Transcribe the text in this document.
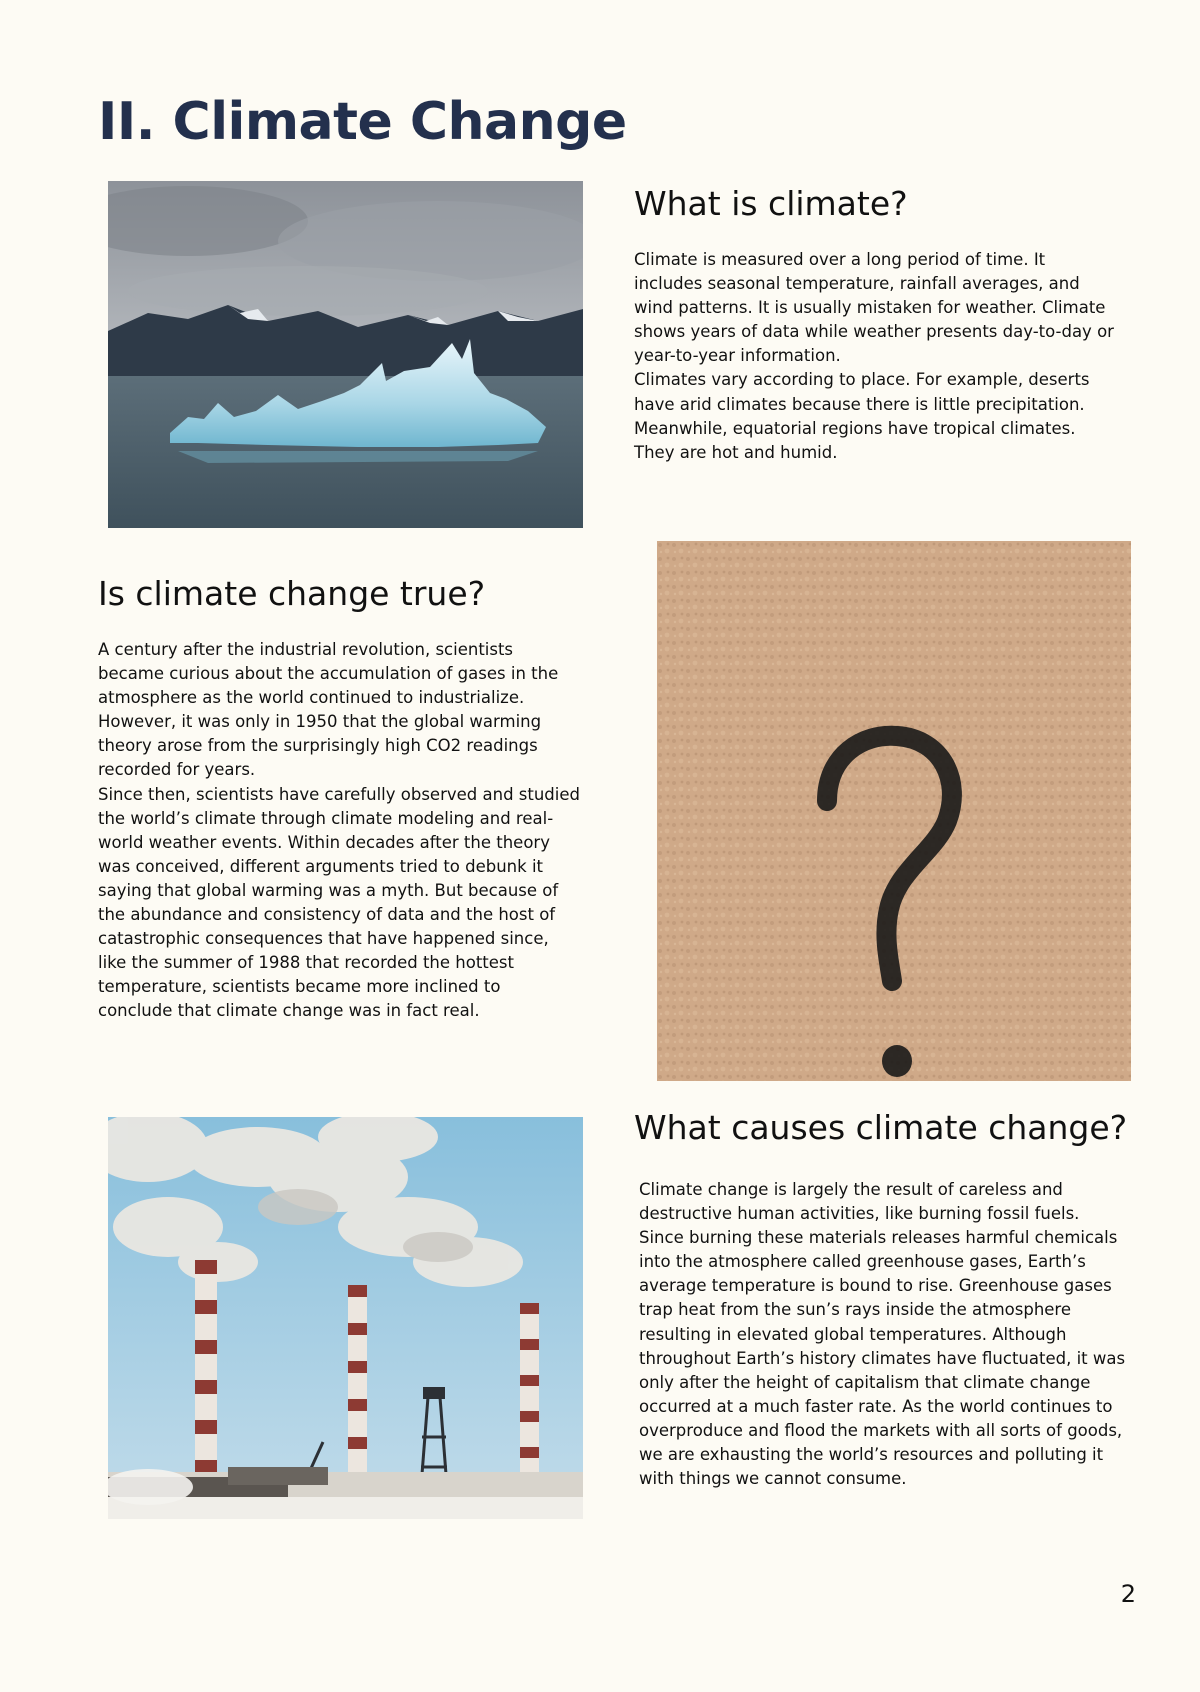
II. Climate Change
What is climate?

Climate is measured over a long period of time. It includes seasonal temperature, rainfall averages, and wind patterns. It is usually mistaken for weather. Climate shows years of data while weather presents day-to-day or year-to-year information.

Climates vary according to place. For example, deserts have arid climates because there is little precipitation. Meanwhile, equatorial regions have tropical climates. They are hot and humid.

Is climate change true?

A century after the industrial revolution, scientists became curious about the accumulation of gases in the atmosphere as the world continued to industrialize. However, it was only in 1950 that the global warming theory arose from the surprisingly high CO2 readings recorded for years.

Since then, scientists have carefully observed and studied the world’s climate through climate modeling and real-world weather events. Within decades after the theory was conceived, different arguments tried to debunk it saying that global warming was a myth. But because of the abundance and consistency of data and the host of catastrophic consequences that have happened since, like the summer of 1988 that recorded the hottest temperature, scientists became more inclined to conclude that climate change was in fact real.

What causes climate change?

Climate change is largely the result of careless and destructive human activities, like burning fossil fuels. Since burning these materials releases harmful chemicals into the atmosphere called greenhouse gases, Earth’s average temperature is bound to rise. Greenhouse gases trap heat from the sun’s rays inside the atmosphere resulting in elevated global temperatures. Although throughout Earth’s history climates have fluctuated, it was only after the height of capitalism that climate change occurred at a much faster rate. As the world continues to overproduce and flood the markets with all sorts of goods, we are exhausting the world’s resources and polluting it with things we cannot consume.

2
